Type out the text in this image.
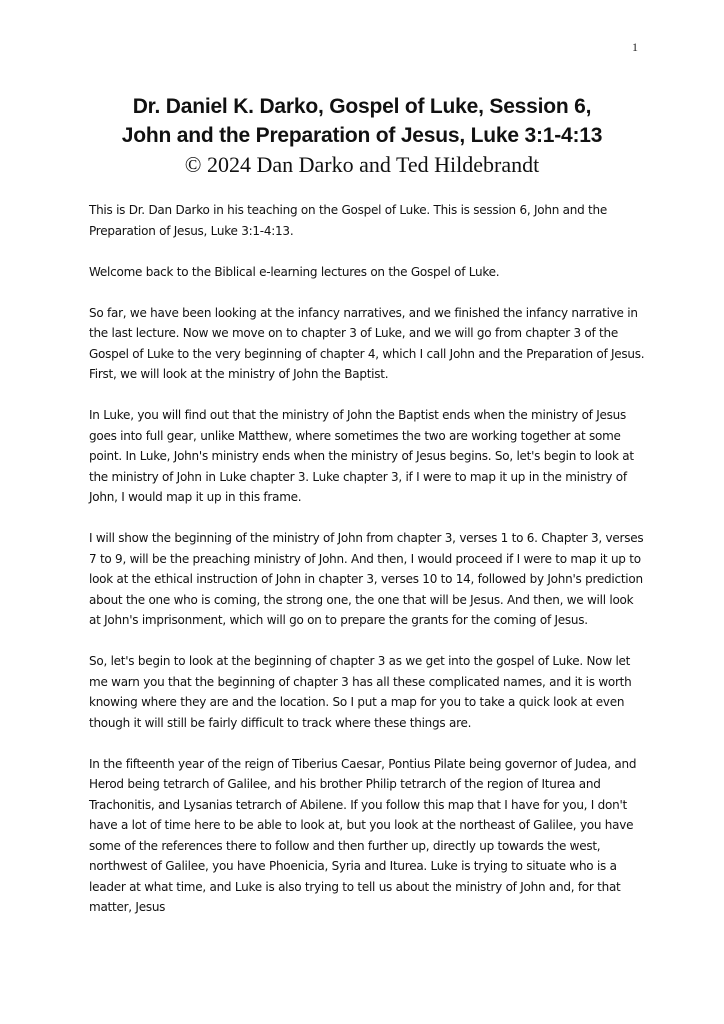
1
Dr. Daniel K. Darko, Gospel of Luke, Session 6,
John and the Preparation of Jesus, Luke 3:1-4:13
© 2024 Dan Darko and Ted Hildebrandt

This is Dr. Dan Darko in his teaching on the Gospel of Luke. This is session 6, John and the Preparation of Jesus, Luke 3:1-4:13.

Welcome back to the Biblical e-learning lectures on the Gospel of Luke.

So far, we have been looking at the infancy narratives, and we finished the infancy narrative in the last lecture. Now we move on to chapter 3 of Luke, and we will go from chapter 3 of the Gospel of Luke to the very beginning of chapter 4, which I call John and the Preparation of Jesus. First, we will look at the ministry of John the Baptist.

In Luke, you will find out that the ministry of John the Baptist ends when the ministry of Jesus goes into full gear, unlike Matthew, where sometimes the two are working together at some point. In Luke, John's ministry ends when the ministry of Jesus begins. So, let's begin to look at the ministry of John in Luke chapter 3. Luke chapter 3, if I were to map it up in the ministry of John, I would map it up in this frame.

I will show the beginning of the ministry of John from chapter 3, verses 1 to 6. Chapter 3, verses 7 to 9, will be the preaching ministry of John. And then, I would proceed if I were to map it up to look at the ethical instruction of John in chapter 3, verses 10 to 14, followed by John's prediction about the one who is coming, the strong one, the one that will be Jesus. And then, we will look at John's imprisonment, which will go on to prepare the grants for the coming of Jesus.

So, let's begin to look at the beginning of chapter 3 as we get into the gospel of Luke. Now let me warn you that the beginning of chapter 3 has all these complicated names, and it is worth knowing where they are and the location. So I put a map for you to take a quick look at even though it will still be fairly difficult to track where these things are.

In the fifteenth year of the reign of Tiberius Caesar, Pontius Pilate being governor of Judea, and Herod being tetrarch of Galilee, and his brother Philip tetrarch of the region of Iturea and Trachonitis, and Lysanias tetrarch of Abilene. If you follow this map that I have for you, I don't have a lot of time here to be able to look at, but you look at the northeast of Galilee, you have some of the references there to follow and then further up, directly up towards the west, northwest of Galilee, you have Phoenicia, Syria and Iturea. Luke is trying to situate who is a leader at what time, and Luke is also trying to tell us about the ministry of John and, for that matter, Jesus
